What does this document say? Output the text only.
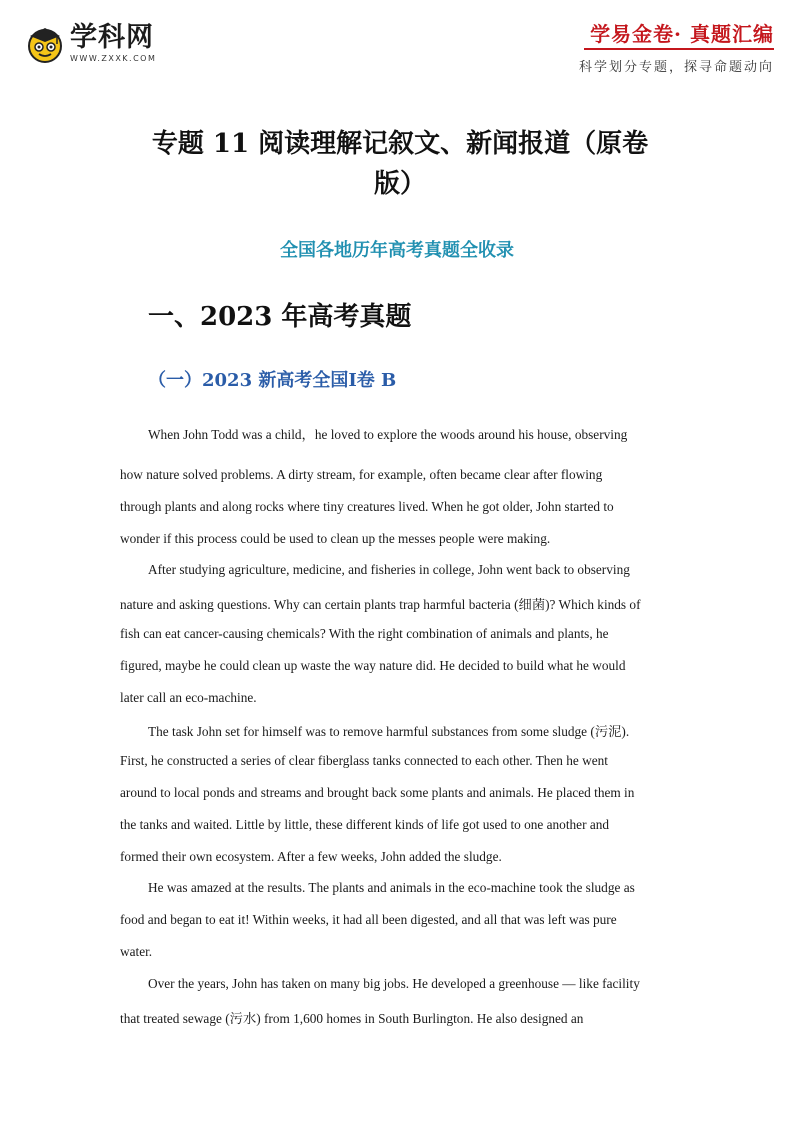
学科网
WWW.ZXXK.COM
学易金卷· 真题汇编
科学划分专题，探寻命题动向
专题 11 阅读理解记叙文、新闻报道（原卷
版）
全国各地历年高考真题全收录
一、2023 年高考真题
（一）2023 新高考全国Ⅰ卷 B
When John Todd was a child，he loved to explore the woods around his house, observing
how nature solved problems. A dirty stream, for example, often became clear after flowing
through plants and along rocks where tiny creatures lived. When he got older, John started to
wonder if this process could be used to clean up the messes people were making.
After studying agriculture, medicine, and fisheries in college, John went back to observing
nature and asking questions. Why can certain plants trap harmful bacteria (细菌)? Which kinds of
fish can eat cancer-causing chemicals? With the right combination of animals and plants, he
figured, maybe he could clean up waste the way nature did. He decided to build what he would
later call an eco-machine.
The task John set for himself was to remove harmful substances from some sludge (污泥).
First, he constructed a series of clear fiberglass tanks connected to each other. Then he went
around to local ponds and streams and brought back some plants and animals. He placed them in
the tanks and waited. Little by little, these different kinds of life got used to one another and
formed their own ecosystem. After a few weeks, John added the sludge.
He was amazed at the results. The plants and animals in the eco-machine took the sludge as
food and began to eat it! Within weeks, it had all been digested, and all that was left was pure
water.
Over the years, John has taken on many big jobs. He developed a greenhouse — like facility
that treated sewage (污水) from 1,600 homes in South Burlington. He also designed an
